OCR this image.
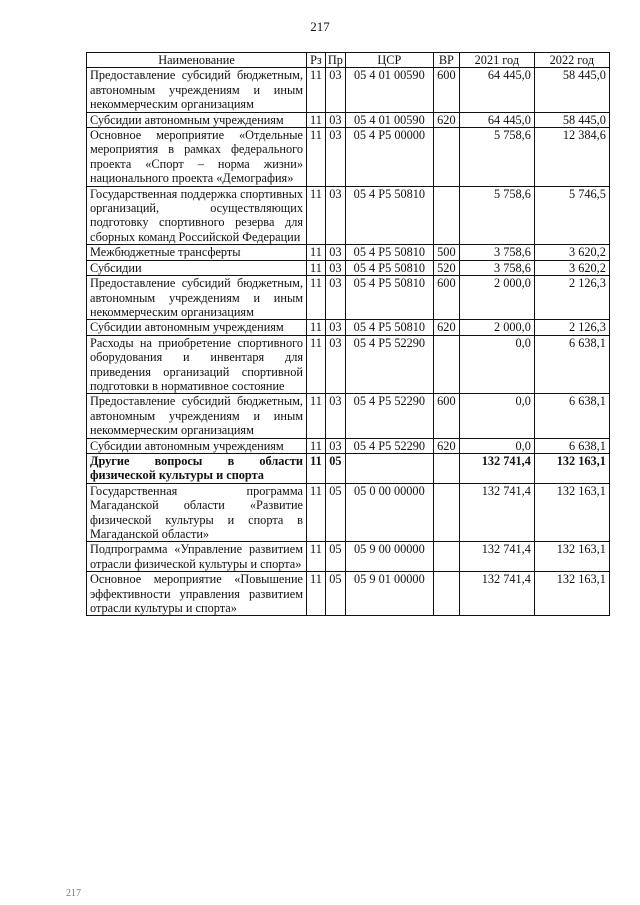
217
Наименование	Рз	Пр	ЦСР	ВР	2021 год	2022 год
Предоставление субсидий бюджетным, автономным учреждениям и иным некоммерческим организациям	11	03	05 4 01 00590	600	64 445,0	58 445,0
Субсидии автономным учреждениям	11	03	05 4 01 00590	620	64 445,0	58 445,0
Основное мероприятие «Отдельные мероприятия в рамках федерального проекта «Спорт – норма жизни» национального проекта «Демография»	11	03	05 4 P5 00000		5 758,6	12 384,6
Государственная поддержка спортивных организаций, осуществляющих подготовку спортивного резерва для сборных команд Российской Федерации	11	03	05 4 P5 50810		5 758,6	5 746,5
Межбюджетные трансферты	11	03	05 4 P5 50810	500	3 758,6	3 620,2
Субсидии	11	03	05 4 P5 50810	520	3 758,6	3 620,2
Предоставление субсидий бюджетным, автономным учреждениям и иным некоммерческим организациям	11	03	05 4 P5 50810	600	2 000,0	2 126,3
Субсидии автономным учреждениям	11	03	05 4 P5 50810	620	2 000,0	2 126,3
Расходы на приобретение спортивного оборудования и инвентаря для приведения организаций спортивной подготовки в нормативное состояние	11	03	05 4 P5 52290		0,0	6 638,1
Предоставление субсидий бюджетным, автономным учреждениям и иным некоммерческим организациям	11	03	05 4 P5 52290	600	0,0	6 638,1
Субсидии автономным учреждениям	11	03	05 4 P5 52290	620	0,0	6 638,1
Другие вопросы в области физической культуры и спорта	11	05			132 741,4	132 163,1
Государственная программа Магаданской области «Развитие физической культуры и спорта в Магаданской области»	11	05	05 0 00 00000		132 741,4	132 163,1
Подпрограмма «Управление развитием отрасли физической культуры и спорта»	11	05	05 9 00 00000		132 741,4	132 163,1
Основное мероприятие «Повышение эффективности управления развитием отрасли культуры и спорта»	11	05	05 9 01 00000		132 741,4	132 163,1
217
